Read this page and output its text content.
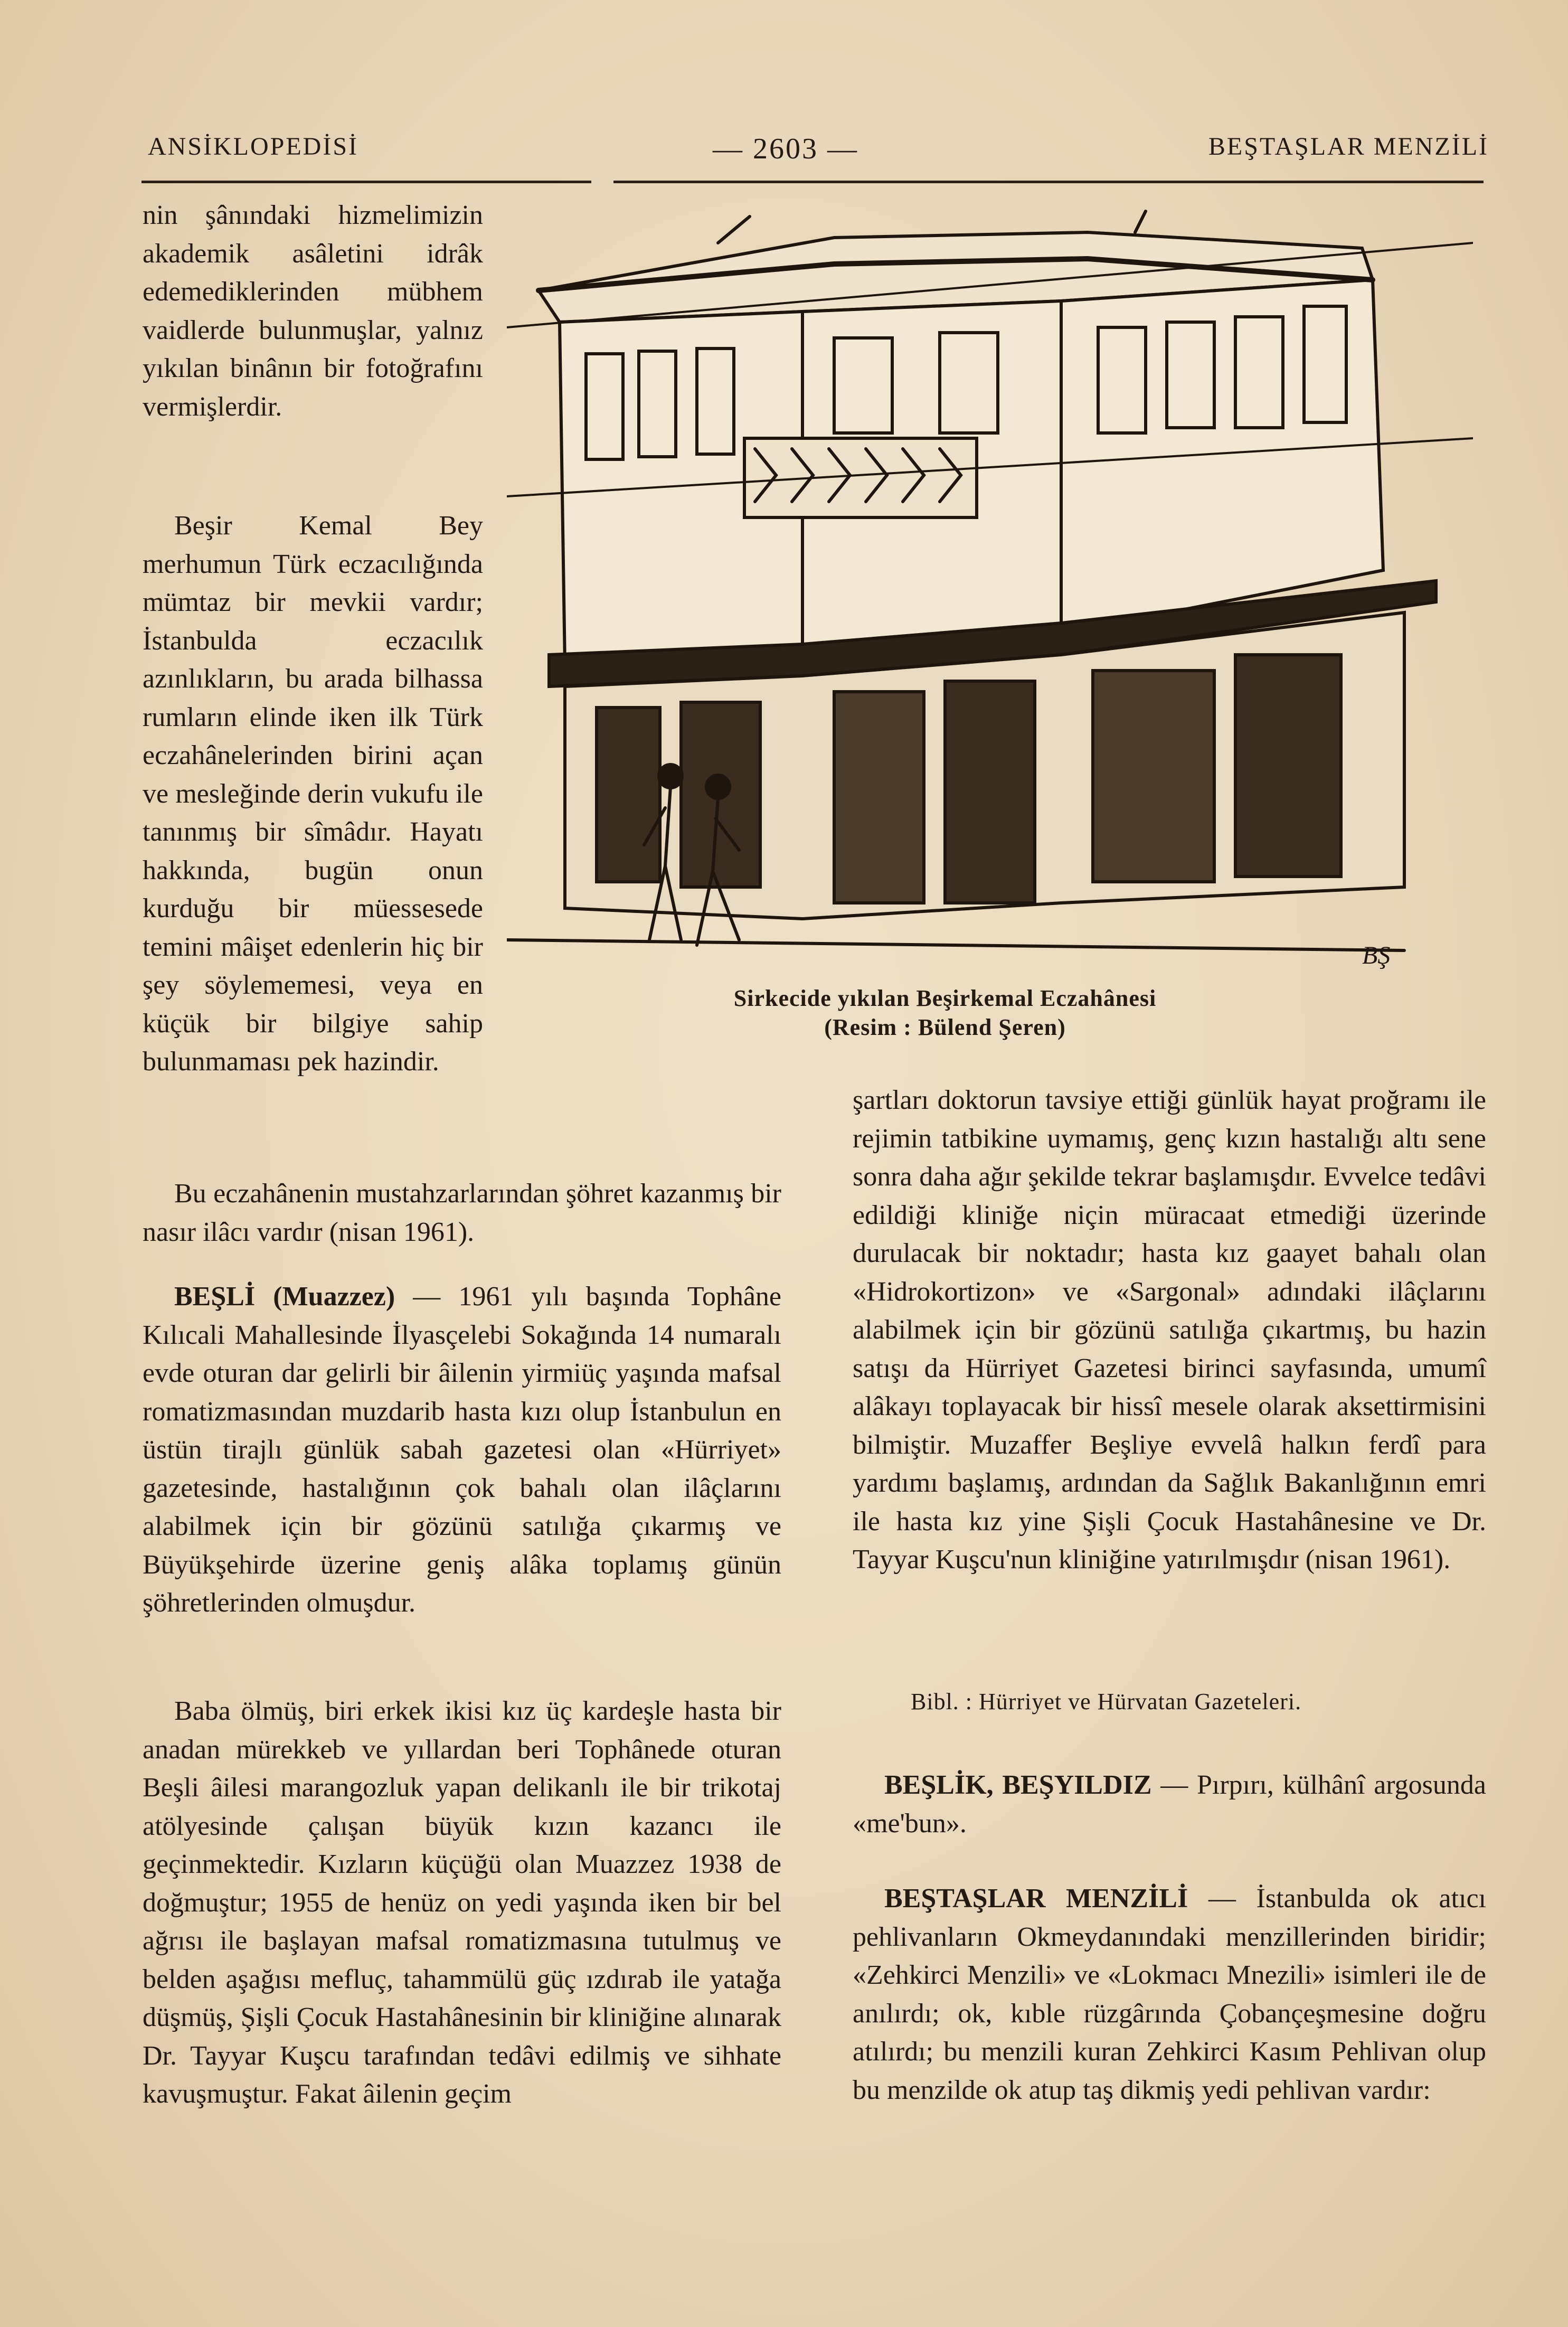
ANSİKLOPEDİSİ	— 2603 —	BEŞTAŞLAR MENZİLİ

nin şânındaki hizmelimizin akademik asâletini idrâk edemediklerinden mübhem vaidlerde bulunmuşlar, yalnız yıkılan binânın bir fotoğrafını vermişlerdir.

Beşir Kemal Bey merhumun Türk eczacılığında mümtaz bir mevkii vardır; İstanbulda eczacılık azınlıkların, bu arada bilhassa rumların elinde iken ilk Türk eczahânelerinden birini açan ve mesleğinde derin vukufu ile tanınmış bir sîmâdır. Hayatı hakkında, bugün onun kurduğu bir müessesede temini mâişet edenlerin hiç bir şey söylememesi, veya en küçük bir bilgiye sahip bulunmaması pek hazindir.

Bu eczahânenin mustahzarlarından şöhret kazanmış bir nasır ilâcı vardır (nisan 1961).

BEŞLİ (Muazzez) — 1961 yılı başında Tophâne Kılıcali Mahallesinde İlyasçelebi Sokağında 14 numaralı evde oturan dar gelirli bir âilenin yirmiüç yaşında mafsal romatizmasından muzdarib hasta kızı olup İstanbulun en üstün tirajlı günlük sabah gazetesi olan «Hürriyet» gazetesinde, hastalığının çok bahalı olan ilâçlarını alabilmek için bir gözünü satılığa çıkarmış ve Büyükşehirde üzerine geniş alâka toplamış günün şöhretlerinden olmuşdur.

Baba ölmüş, biri erkek ikisi kız üç kardeşle hasta bir anadan mürekkeb ve yıllardan beri Tophânede oturan Beşli âilesi marangozluk yapan delikanlı ile bir trikotaj atölyesinde çalışan büyük kızın kazancı ile geçinmektedir. Kızların küçüğü olan Muazzez 1938 de doğmuştur; 1955 de henüz on yedi yaşında iken bir bel ağrısı ile başlayan mafsal romatizmasına tutulmuş ve belden aşağısı mefluç, tahammülü güç ızdırab ile yatağa düşmüş, Şişli Çocuk Hastahânesinin bir kliniğine alınarak Dr. Tayyar Kuşcu tarafından tedâvi edilmiş ve sihhate kavuşmuştur. Fakat âilenin geçim

BŞ
Sirkecide yıkılan Beşirkemal Eczahânesi
(Resim : Bülend Şeren)

şartları doktorun tavsiye ettiği günlük hayat proğramı ile rejimin tatbikine uymamış, genç kızın hastalığı altı sene sonra daha ağır şekilde tekrar başlamışdır. Evvelce tedâvi edildiği kliniğe niçin müracaat etmediği üzerinde durulacak bir noktadır; hasta kız gaayet bahalı olan «Hidrokortizon» ve «Sargonal» adındaki ilâçlarını alabilmek için bir gözünü satılığa çıkartmış, bu hazin satışı da Hürriyet Gazetesi birinci sayfasında, umumî alâkayı toplayacak bir hissî mesele olarak aksettirmisini bilmiştir. Muzaffer Beşliye evvelâ halkın ferdî para yardımı başlamış, ardından da Sağlık Bakanlığının emri ile hasta kız yine Şişli Çocuk Hastahânesine ve Dr. Tayyar Kuşcu'nun kliniğine yatırılmışdır (nisan 1961).

Bibl. : Hürriyet ve Hürvatan Gazeteleri.

BEŞLİK, BEŞYILDIZ — Pırpırı, külhânî argosunda «me'bun».

BEŞTAŞLAR MENZİLİ — İstanbulda ok atıcı pehlivanların Okmeydanındaki menzillerinden biridir; «Zehkirci Menzili» ve «Lokmacı Mnezili» isimleri ile de anılırdı; ok, kıble rüzgârında Çobançeşmesine doğru atılırdı; bu menzili kuran Zehkirci Kasım Pehlivan olup bu menzilde ok atup taş dikmiş yedi pehlivan vardır:
